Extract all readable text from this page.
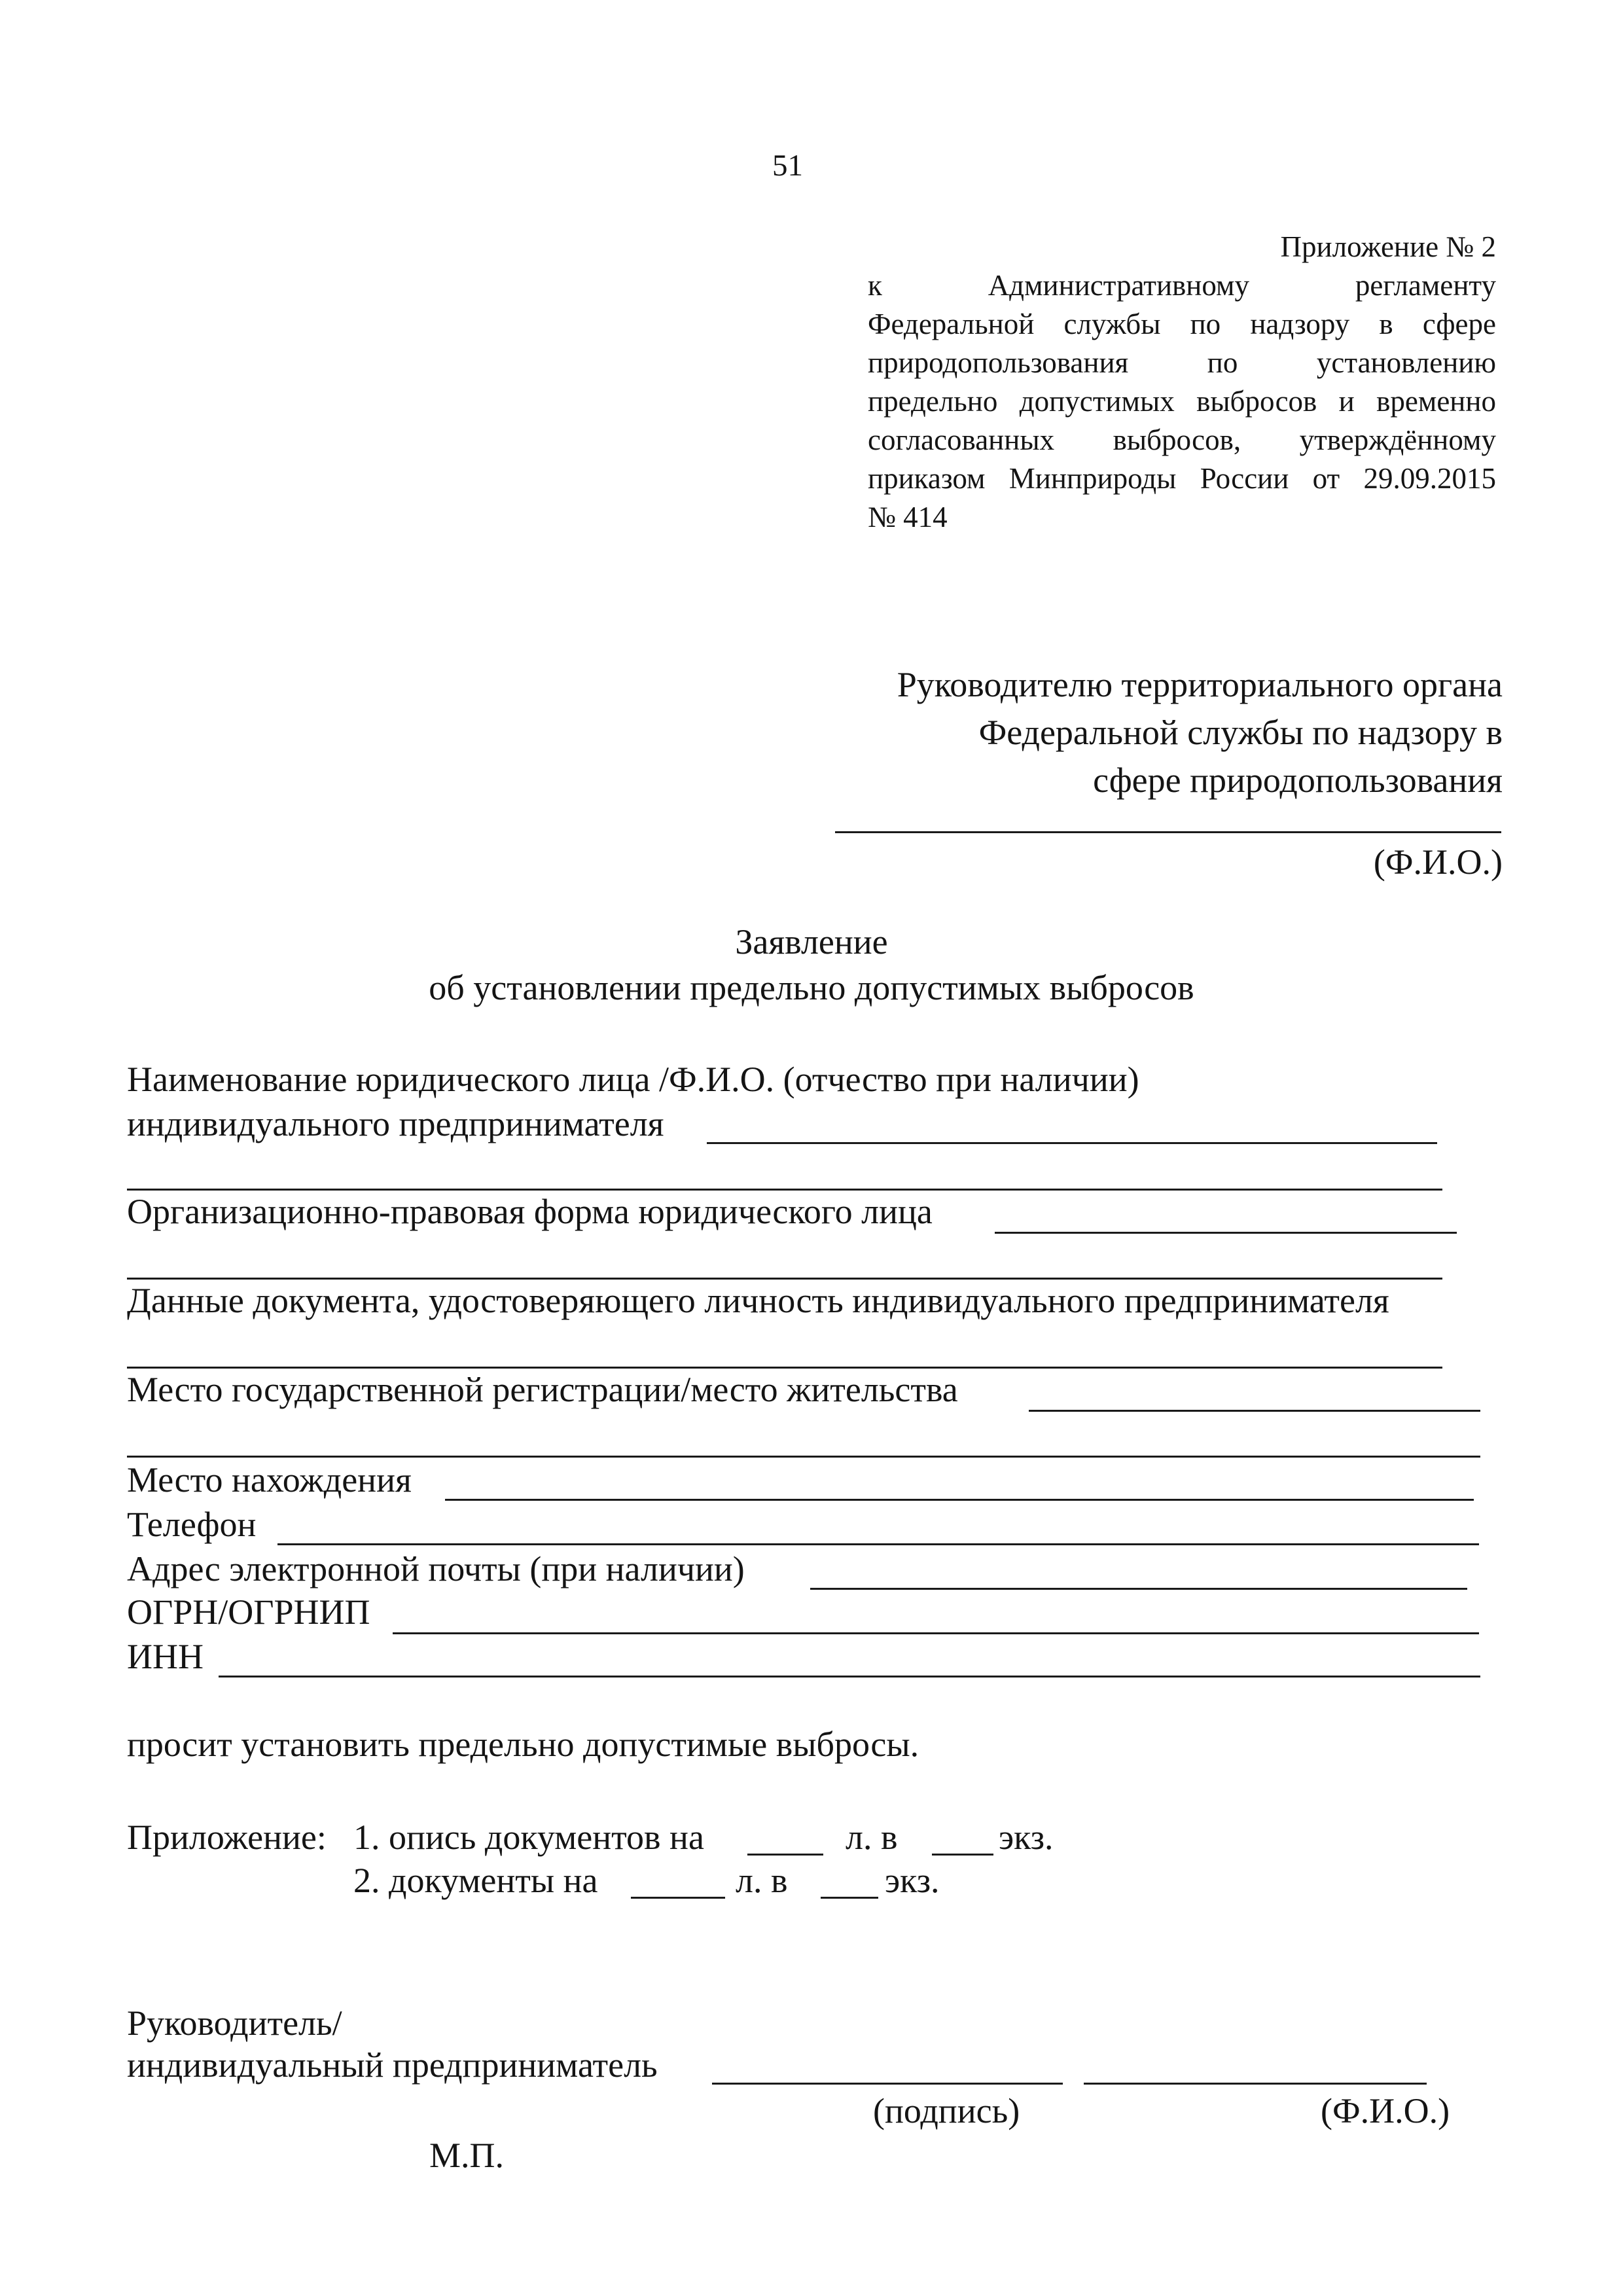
51
Приложение № 2
к	Административному	регламенту
Федеральной службы по надзору в сфере
природопользования	по	установлению
предельно допустимых выбросов и временно
согласованных выбросов, утверждённому
приказом Минприроды России от 29.09.2015
№ 414
Руководителю территориального органа
Федеральной службы по надзору в
сфере природопользования
(Ф.И.О.)
Заявление
об установлении предельно допустимых выбросов
Наименование юридического лица /Ф.И.О. (отчество при наличии)
индивидуального предпринимателя
Организационно-правовая форма юридического лица
Данные документа, удостоверяющего личность индивидуального предпринимателя
Место государственной регистрации/место жительства
Место нахождения
Телефон
Адрес электронной почты (при наличии)
ОГРН/ОГРНИП
ИНН
просит установить предельно допустимые выбросы.
Приложение: 1. опись документов на	л. в	экз.
2. документы на	л. в	экз.
Руководитель/
индивидуальный предприниматель
(подпись)	(Ф.И.О.)
М.П.
